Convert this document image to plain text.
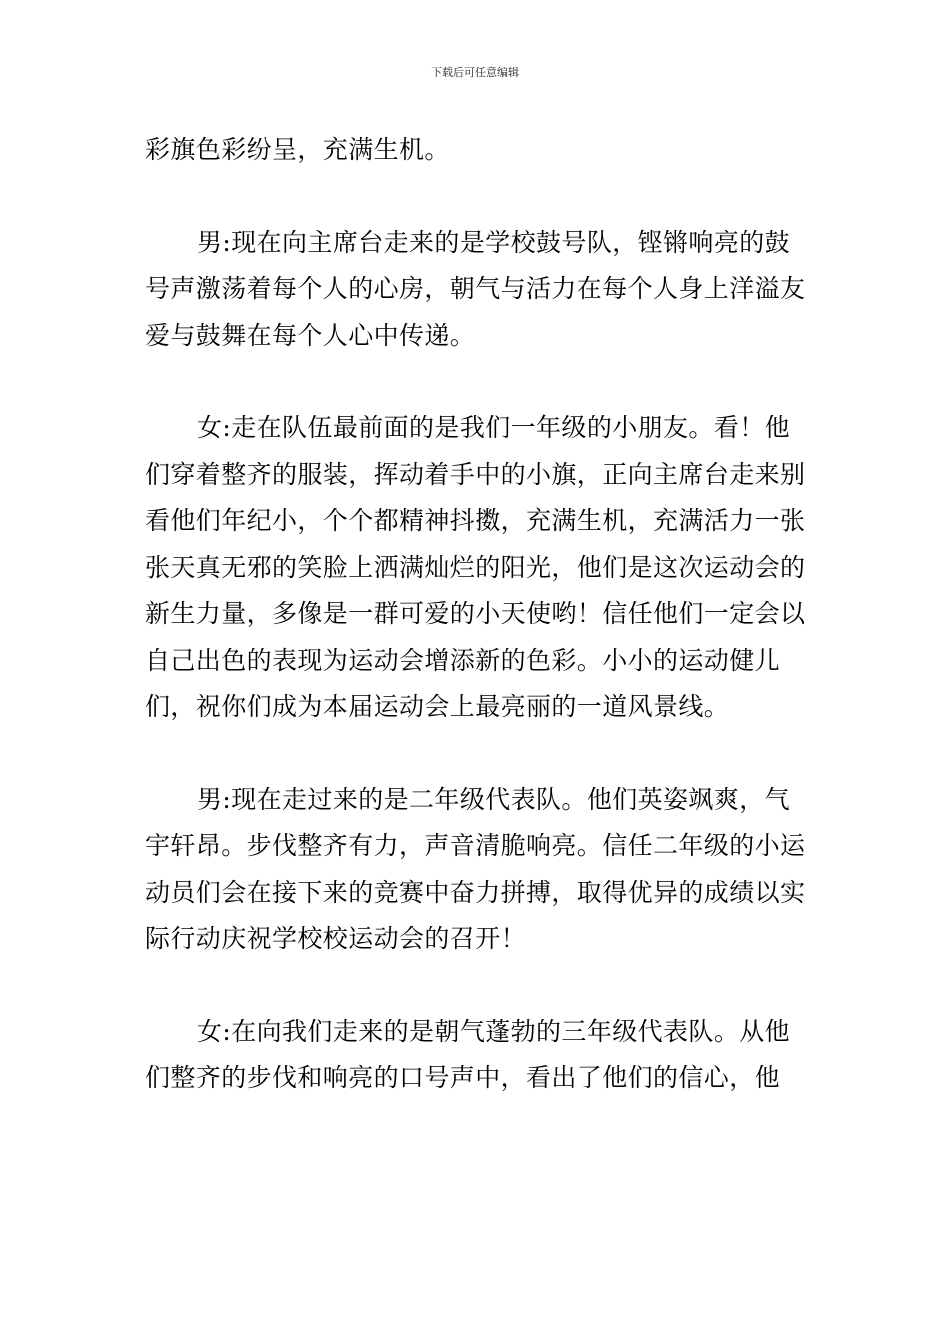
下载后可任意编辑

彩旗色彩纷呈，充满生机。

男:现在向主席台走来的是学校鼓号队，铿锵响亮的鼓号声激荡着每个人的心房，朝气与活力在每个人身上洋溢友爱与鼓舞在每个人心中传递。

女:走在队伍最前面的是我们一年级的小朋友。看！他们穿着整齐的服装，挥动着手中的小旗，正向主席台走来别看他们年纪小，个个都精神抖擞，充满生机，充满活力一张张天真无邪的笑脸上洒满灿烂的阳光，他们是这次运动会的新生力量，多像是一群可爱的小天使哟！信任他们一定会以自己出色的表现为运动会增添新的色彩。小小的运动健儿们，祝你们成为本届运动会上最亮丽的一道风景线。

男:现在走过来的是二年级代表队。他们英姿飒爽，气宇轩昂。步伐整齐有力，声音清脆响亮。信任二年级的小运动员们会在接下来的竞赛中奋力拼搏，取得优异的成绩以实际行动庆祝学校校运动会的召开！

女:在向我们走来的是朝气蓬勃的三年级代表队。从他们整齐的步伐和响亮的口号声中，看出了他们的信心，他
